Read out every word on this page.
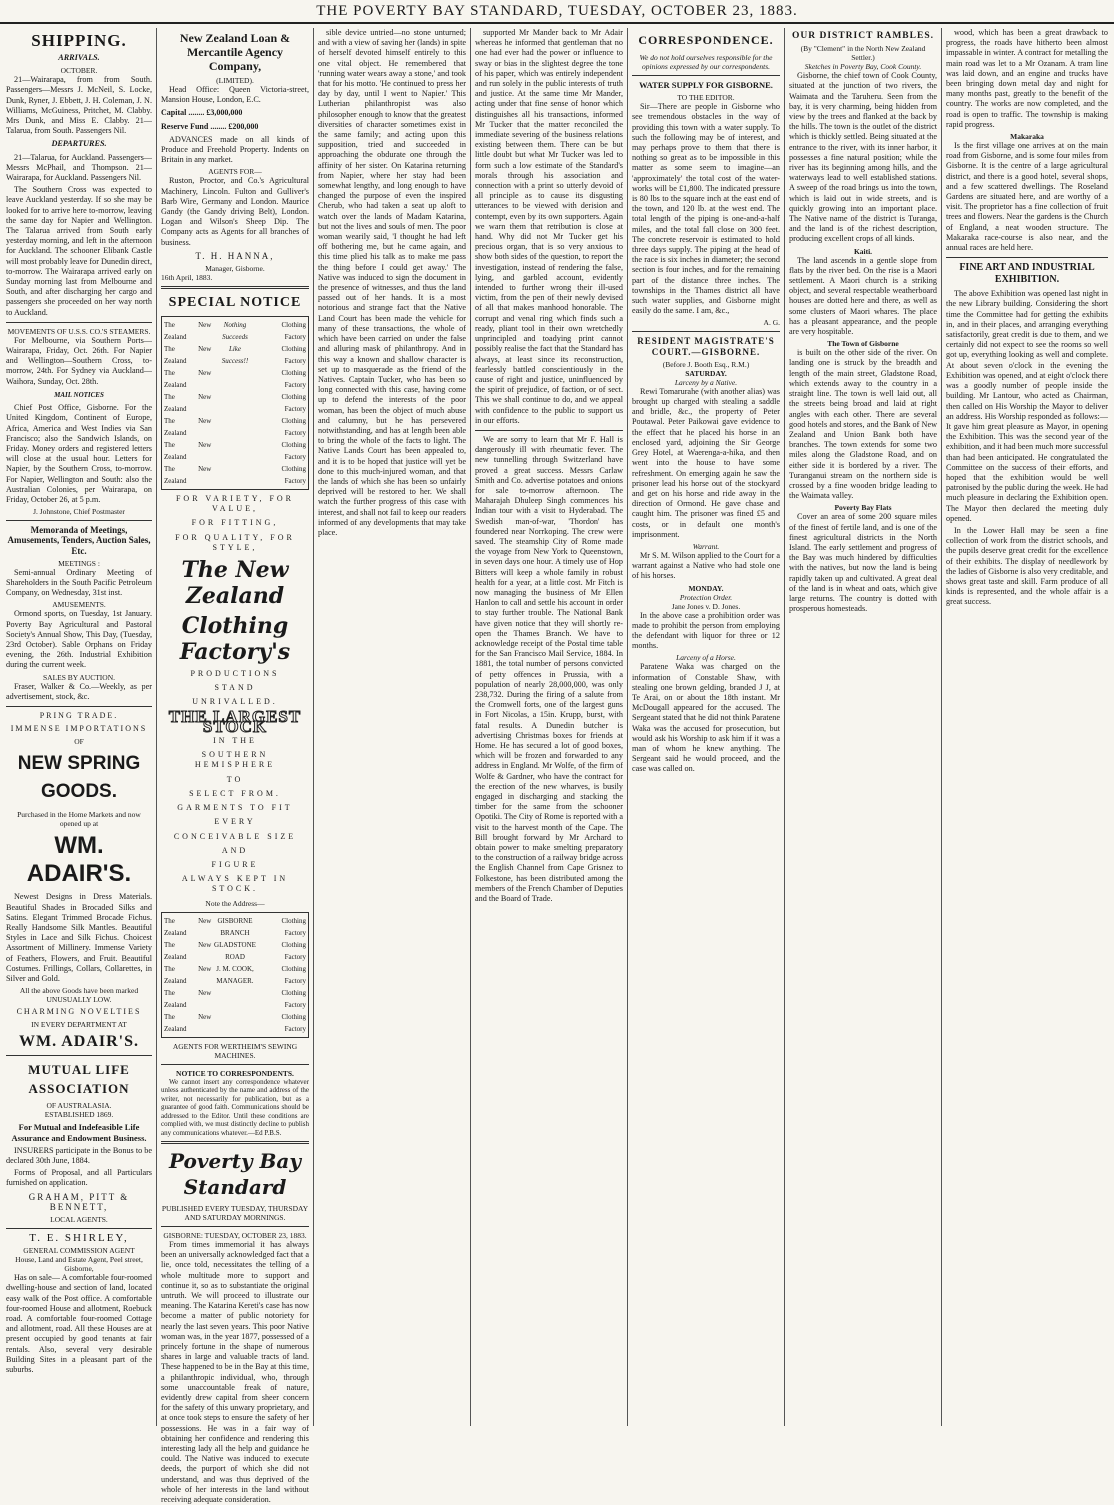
THE POVERTY BAY STANDARD, TUESDAY, OCTOBER 23, 1883.
SHIPPING.
ARRIVALS.
OCTOBER.

21—Wairarapa, from from South. Passengers—Messrs J. McNeil, S. Locke, Dunk, Ryner, J. Ebbett, J. H. Coleman, J. N. Williams, McGuiness, Pritchet, M. Clabby. Mrs Dunk, and Miss E. Clabby. 21—Talarua, from South. Passengers Nil.

DEPARTURES.

21—Talarua, for Auckland. Passengers—Messrs McPhail, and Thompson. 21—Wairarapa, for Auckland. Passengers Nil.

The Southern Cross was expected to leave Auckland yesterday. If so she may be looked for to arrive here to-morrow, leaving the same day for Napier and Wellington. The Talarua arrived from South early yesterday morning, and left in the afternoon for Auckland. The schooner Elibank Castle will most probably leave for Dunedin direct, to-morrow. The Wairarapa arrived early on Sunday morning last from Melbourne and South, and after discharging her cargo and passengers she proceeded on her way north to Auckland.

MOVEMENTS OF U.S.S. CO.'S STEAMERS.

For Melbourne, via Southern Ports—Wairarapa, Friday, Oct. 26th. For Napier and Wellington—Southern Cross, to-morrow, 24th. For Sydney via Auckland—Waihora, Sunday, Oct. 28th.

MAIL NOTICES

Chief Post Office, Gisborne. For the United Kingdom, Continent of Europe, Africa, America and West Indies via San Francisco; also the Sandwich Islands, on Friday. Money orders and registered letters will close at the usual hour. Letters for Napier, by the Southern Cross, to-morrow. For Napier, Wellington and South: also the Australian Colonies, per Wairarapa, on Friday, October 26, at 5 p.m.

J. Johnstone, Chief Postmaster
Memoranda of Meetings, Amusements, Tenders, Auction Sales, Etc.
MEETINGS :

Semi-annual Ordinary Meeting of Shareholders in the South Pacific Petroleum Company, on Wednesday, 31st inst.

AMUSEMENTS.

Ormond sports, on Tuesday, 1st January. Poverty Bay Agricultural and Pastoral Society's Annual Show, This Day, (Tuesday, 23rd October). Sable Orphans on Friday evening, the 26th. Industrial Exhibition during the current week.

SALES BY AUCTION.

Fraser, Walker & Co.—Weekly, as per advertisement, stock, &c.

PRING TRADE.
IMMENSE IMPORTATIONS
OF
NEW SPRING GOODS.
Purchased in the Home Markets and now opened up at
WM. ADAIR'S.

Newest Designs in Dress Materials. Beautiful Shades in Brocaded Silks and Satins. Elegant Trimmed Brocade Fichus. Really Handsome Silk Mantles. Beautiful Styles in Lace and Silk Fichus. Choicest Assortment of Millinery. Immense Variety of Feathers, Flowers, and Fruit. Beautiful Costumes. Frillings, Collars, Collarettes, in Silver and Gold.

All the above Goods have been marked UNUSUALLY LOW.
CHARMING NOVELTIES
IN EVERY DEPARTMENT AT
WM. ADAIR'S.
MUTUAL LIFE ASSOCIATION
OF AUSTRALASIA.
ESTABLISHED 1869.
For Mutual and Indefeasible Life Assurance and Endowment Business.

INSURERS participate in the Bonus to be declared 30th June, 1884.

Forms of Proposal, and all Particulars furnished on application.

GRAHAM, PITT & BENNETT,
LOCAL AGENTS.
T. E. SHIRLEY,
GENERAL COMMISSION AGENT
House, Land and Estate Agent, Peel street, Gisborne,

Has on sale— A comfortable four-roomed dwelling-house and section of land, located easy walk of the Post office. A comfortable four-roomed House and allotment, Roebuck road. A comfortable four-roomed Cottage and allotment, road. All these Houses are at present occupied by good tenants at fair rentals. Also, several very desirable Building Sites in a pleasant part of the suburbs.

New Zealand Loan & Mercantile Agency Company,
(LIMITED).

Head Office: Queen Victoria-street, Mansion House, London, E.C.

Capital ........ £3,000,000
Reserve Fund ........ £200,000

ADVANCES made on all kinds of Produce and Freehold Property. Indents on Britain in any market.

AGENTS FOR—

Ruston, Proctor, and Co.'s Agricultural Machinery, Lincoln. Fulton and Gulliver's Barb Wire, Germany and London. Maurice Gandy (the Gandy driving Belt), London. Logan and Wilson's Sheep Dip. The Company acts as Agents for all branches of business.

T. H. HANNA,
Manager, Gisborne.
16th April, 1883.
SPECIAL NOTICE
The New Zealand
The New Zealand
The New Zealand
The New Zealand
The New Zealand
The New Zealand
The New Zealand
Nothing
Succeeds
Like
Success!!
Clothing Factory
Clothing Factory
Clothing Factory
Clothing Factory
Clothing Factory
Clothing Factory
Clothing Factory
FOR VARIETY, FOR VALUE,
FOR FITTING,
FOR QUALITY, FOR STYLE,
The New Zealand
Clothing Factory's
PRODUCTIONS
STAND
UNRIVALLED.
THE LARGEST STOCK
IN THE
SOUTHERN HEMISPHERE
TO
SELECT FROM.
GARMENTS TO FIT
EVERY
CONCEIVABLE SIZE
AND
FIGURE
ALWAYS KEPT IN STOCK.
Note the Address—
The New Zealand
The New Zealand
The New Zealand
The New Zealand
The New Zealand
GISBORNE BRANCH
GLADSTONE ROAD
J. M. COOK,
MANAGER.
Clothing Factory
Clothing Factory
Clothing Factory
Clothing Factory
Clothing Factory
AGENTS FOR WERTHEIM'S SEWING MACHINES.
NOTICE TO CORRESPONDENTS.

We cannot insert any correspondence whatever unless authenticated by the name and address of the writer, not necessarily for publication, but as a guarantee of good faith. Communications should be addressed to the Editor. Until these conditions are complied with, we must distinctly decline to publish any communications whatever.—Ed P.B.S.

Poverty Bay Standard
PUBLISHED EVERY TUESDAY, THURSDAY AND SATURDAY MORNINGS.
GISBORNE: TUESDAY, OCTOBER 23, 1883.

From times immemorial it has always been an universally acknowledged fact that a lie, once told, necessitates the telling of a whole multitude more to support and continue it, so as to substantiate the original untruth. We will proceed to illustrate our meaning. The Katarina Kereti's case has now become a matter of public notoriety for nearly the last seven years. This poor Native woman was, in the year 1877, possessed of a princely fortune in the shape of numerous shares in large and valuable tracts of land. These happened to be in the Bay at this time, a philanthropic individual, who, through some unaccountable freak of nature, evidently drew capital from sheer concern for the safety of this unwary proprietary, and at once took steps to ensure the safety of her possessions. He was in a fair way of obtaining her confidence and rendering this interesting lady all the help and guidance he could. The Native was induced to execute deeds, the purport of which she did not understand, and was thus deprived of the whole of her interests in the land without receiving adequate consideration.

sible device untried—no stone unturned; and with a view of saving her (lands) in spite of herself devoted himself entirely to this one vital object. He remembered that 'running water wears away a stone,' and took that for his motto. 'He continued to press her day by day, until I went to Napier.' This Lutherian philanthropist was also philosopher enough to know that the greatest diversities of character sometimes exist in the same family; and acting upon this supposition, tried and succeeded in approaching the obdurate one through the affinity of her sister. On Katarina returning from Napier, where her stay had been somewhat lengthy, and long enough to have changed the purpose of even the inspired Cherub, who had taken a seat up aloft to watch over the lands of Madam Katarina, but not the lives and souls of men. The poor woman wearily said, 'I thought he had left off bothering me, but he came again, and this time plied his talk as to make me pass the thing before I could get away.' The Native was induced to sign the document in the presence of witnesses, and thus the land passed out of her hands. It is a most notorious and strange fact that the Native Land Court has been made the vehicle for many of these transactions, the whole of which have been carried on under the false and alluring mask of philanthropy. And in this way a known and shallow character is set up to masquerade as the friend of the Natives. Captain Tucker, who has been so long connected with this case, having come up to defend the interests of the poor woman, has been the object of much abuse and calumny, but he has persevered notwithstanding, and has at length been able to bring the whole of the facts to light. The Native Lands Court has been appealed to, and it is to be hoped that justice will yet be done to this much-injured woman, and that the lands of which she has been so unfairly deprived will be restored to her. We shall watch the further progress of this case with interest, and shall not fail to keep our readers informed of any developments that may take place.

supported Mr Mander back to Mr Adair whereas he informed that gentleman that no one had ever had the power or influence to sway or bias in the slightest degree the tone of his paper, which was entirely independent and run solely in the public interests of truth and justice. At the same time Mr Mander, acting under that fine sense of honor which distinguishes all his transactions, informed Mr Tucker that the matter reconciled the immediate severing of the business relations existing between them. There can be but little doubt but what Mr Tucker was led to form such a low estimate of the Standard's morals through his association and connection with a print so utterly devoid of all principle as to cause its disgusting utterances to be viewed with derision and contempt, even by its own supporters. Again we warn them that retribution is close at hand. Why did not Mr Tucker get his precious organ, that is so very anxious to show both sides of the question, to report the investigation, instead of rendering the false, lying, and garbled account, evidently intended to further wrong their ill-used victim, from the pen of their newly devised of all that makes manhood honorable. The corrupt and venal ring which finds such a ready, pliant tool in their own wretchedly unprincipled and toadying print cannot possibly realise the fact that the Standard has always, at least since its reconstruction, fearlessly battled conscientiously in the cause of right and justice, uninfluenced by the spirit of prejudice, of faction, or of sect. This we shall continue to do, and we appeal with confidence to the public to support us in our efforts.

We are sorry to learn that Mr F. Hall is dangerously ill with rheumatic fever. The new tunnelling through Switzerland have proved a great success. Messrs Carlaw Smith and Co. advertise potatoes and onions for sale to-morrow afternoon. The Maharajah Dhuleep Singh commences his Indian tour with a visit to Hyderabad. The Swedish man-of-war, 'Thordon' has foundered near Norrkoping. The crew were saved. The steamship City of Rome made the voyage from New York to Queenstown, in seven days one hour. A timely use of Hop Bitters will keep a whole family in robust health for a year, at a little cost. Mr Fitch is now managing the business of Mr Ellen Hanlon to call and settle his account in order to stay further trouble. The National Bank have given notice that they will shortly re-open the Thames Branch. We have to acknowledge receipt of the Postal time table for the San Francisco Mail Service, 1884. In 1881, the total number of persons convicted of petty offences in Prussia, with a population of nearly 28,000,000, was only 238,732. During the firing of a salute from the Cromwell forts, one of the largest guns in Fort Nicolas, a 15in. Krupp, burst, with fatal results. A Dunedin butcher is advertising Christmas boxes for friends at Home. He has secured a lot of good boxes, which will be frozen and forwarded to any address in England. Mr Wolfe, of the firm of Wolfe & Gardner, who have the contract for the erection of the new wharves, is busily engaged in discharging and stacking the timber for the same from the schooner Opotiki. The City of Rome is reported with a visit to the harvest month of the Cape. The Bill brought forward by Mr Archard to obtain power to make smelting preparatory to the construction of a railway bridge across the English Channel from Cape Grisnez to Folkestone, has been distributed among the members of the French Chamber of Deputies and the Board of Trade.

CORRESPONDENCE.
We do not hold ourselves responsible for the opinions expressed by our correspondents.
WATER SUPPLY FOR GISBORNE.
TO THE EDITOR.

Sir—There are people in Gisborne who see tremendous obstacles in the way of providing this town with a water supply. To such the following may be of interest, and may perhaps prove to them that there is nothing so great as to be impossible in this matter as some seem to imagine—an 'approximately' the total cost of the water-works will be £1,800. The indicated pressure is 80 lbs to the square inch at the east end of the town, and 120 lb. at the west end. The total length of the piping is one-and-a-half miles, and the total fall close on 300 feet. The concrete reservoir is estimated to hold three days supply. The piping at the head of the race is six inches in diameter; the second section is four inches, and for the remaining part of the distance three inches. The townships in the Thames district all have such water supplies, and Gisborne might easily do the same. I am, &c.,

A. G.
RESIDENT MAGISTRATE'S COURT.—GISBORNE.
(Before J. Booth Esq., R.M.)
SATURDAY.
Larceny by a Native.

Rewi Tomarurahe (with another alias) was brought up charged with stealing a saddle and bridle, &c., the property of Peter Poutawal. Peter Paikowai gave evidence to the effect that he placed his horse in an enclosed yard, adjoining the Sir George Grey Hotel, at Waerenga-a-hika, and then went into the house to have some refreshment. On emerging again he saw the prisoner lead his horse out of the stockyard and get on his horse and ride away in the direction of Ormond. He gave chase and caught him. The prisoner was fined £5 and costs, or in default one month's imprisonment.

Warrant.

Mr S. M. Wilson applied to the Court for a warrant against a Native who had stole one of his horses.

MONDAY.
Protection Order.
Jane Jones v. D. Jones.

In the above case a prohibition order was made to prohibit the person from employing the defendant with liquor for three or 12 months.

Larceny of a Horse.

Paratene Waka was charged on the information of Constable Shaw, with stealing one brown gelding, branded J J, at Te Arai, on or about the 18th instant. Mr McDougall appeared for the accused. The Sergeant stated that he did not think Paratene Waka was the accused for prosecution, but would ask his Worship to ask him if it was a man of whom he knew anything. The Sergeant said he would proceed, and the case was called on.

OUR DISTRICT RAMBLES.
(By "Clement" in the North New Zealand Settler.)
Sketches in Poverty Bay, Cook County.

Gisborne, the chief town of Cook County, situated at the junction of two rivers, the Waimata and the Taruheru. Seen from the bay, it is very charming, being hidden from view by the trees and flanked at the back by the hills. The town is the outlet of the district which is thickly settled. Being situated at the entrance to the river, with its inner harbor, it possesses a fine natural position; while the river has its beginning among hills, and the waterways lead to well established stations. A sweep of the road brings us into the town, which is laid out in wide streets, and is quickly growing into an important place. The Native name of the district is Turanga, and the land is of the richest description, producing excellent crops of all kinds.

Kaiti.

The land ascends in a gentle slope from flats by the river bed. On the rise is a Maori settlement. A Maori church is a striking object, and several respectable weatherboard houses are dotted here and there, as well as some clusters of Maori whares. The place has a pleasant appearance, and the people are very hospitable.

The Town of Gisborne

is built on the other side of the river. On landing one is struck by the breadth and length of the main street, Gladstone Road, which extends away to the country in a straight line. The town is well laid out, all the streets being broad and laid at right angles with each other. There are several good hotels and stores, and the Bank of New Zealand and Union Bank both have branches. The town extends for some two miles along the Gladstone Road, and on either side it is bordered by a river. The Turanganui stream on the northern side is crossed by a fine wooden bridge leading to the Waimata valley.

Poverty Bay Flats

Cover an area of some 200 square miles of the finest of fertile land, and is one of the finest agricultural districts in the North Island. The early settlement and progress of the Bay was much hindered by difficulties with the natives, but now the land is being rapidly taken up and cultivated. A great deal of the land is in wheat and oats, which give large returns. The country is dotted with prosperous homesteads.

wood, which has been a great drawback to progress, the roads have hitherto been almost impassable in winter. A contract for metalling the main road was let to a Mr Ozanam. A tram line was laid down, and an engine and trucks have been bringing down metal day and night for many months past, greatly to the benefit of the country. The works are now completed, and the road is open to traffic. The township is making rapid progress.

Makaraka

Is the first village one arrives at on the main road from Gisborne, and is some four miles from Gisborne. It is the centre of a large agricultural district, and there is a good hotel, several shops, and a few scattered dwellings. The Roseland Gardens are situated here, and are worthy of a visit. The proprietor has a fine collection of fruit trees and flowers. Near the gardens is the Church of England, a neat wooden structure. The Makaraka race-course is also near, and the annual races are held here.

FINE ART AND INDUSTRIAL EXHIBITION.

The above Exhibition was opened last night in the new Library building. Considering the short time the Committee had for getting the exhibits in, and in their places, and arranging everything satisfactorily, great credit is due to them, and we certainly did not expect to see the rooms so well got up, everything looking as well and complete. At about seven o'clock in the evening the Exhibition was opened, and at eight o'clock there was a goodly number of people inside the building. Mr Lantour, who acted as Chairman, then called on His Worship the Mayor to deliver an address. His Worship responded as follows:—It gave him great pleasure as Mayor, in opening the Exhibition. This was the second year of the exhibition, and it had been much more successful than had been anticipated. He congratulated the Committee on the success of their efforts, and hoped that the exhibition would be well patronised by the public during the week. He had much pleasure in declaring the Exhibition open. The Mayor then declared the meeting duly opened.

In the Lower Hall may be seen a fine collection of work from the district schools, and the pupils deserve great credit for the excellence of their exhibits. The display of needlework by the ladies of Gisborne is also very creditable, and shows great taste and skill. Farm produce of all kinds is represented, and the whole affair is a great success.
